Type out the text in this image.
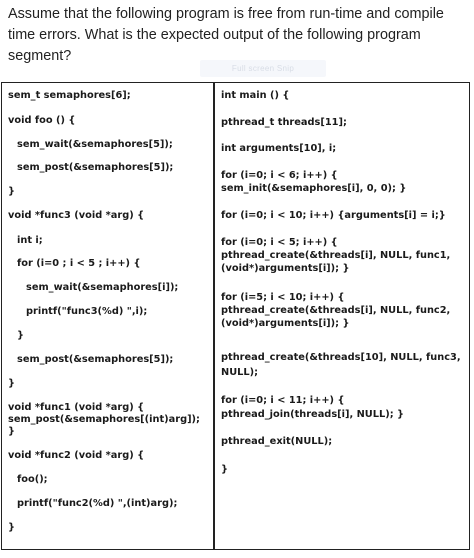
Assume that the following program is free from run-time and compile
time errors. What is the expected output of the following program
segment?
Full screen Snip
sem_t semaphores[6];
void foo () {
sem_wait(&semaphores[5]);
sem_post(&semaphores[5]);
}
void *func3 (void *arg) {
int i;
for (i=0 ; i < 5 ; i++) {
sem_wait(&semaphores[i]);
printf("func3(%d) ",i);
}
sem_post(&semaphores[5]);
}
void *func1 (void *arg) {
sem_post(&semaphores[(int)arg]);
}
void *func2 (void *arg) {
foo();
printf("func2(%d) ",(int)arg);
}
int main () {
pthread_t threads[11];
int arguments[10], i;
for (i=0; i < 6; i++) {
sem_init(&semaphores[i], 0, 0); }
for (i=0; i < 10; i++) {arguments[i] = i;}
for (i=0; i < 5; i++) {
pthread_create(&threads[i], NULL, func1,
(void*)arguments[i]); }
for (i=5; i < 10; i++) {
pthread_create(&threads[i], NULL, func2,
(void*)arguments[i]); }
pthread_create(&threads[10], NULL, func3,
NULL);
for (i=0; i < 11; i++) {
pthread_join(threads[i], NULL); }
pthread_exit(NULL);
}
